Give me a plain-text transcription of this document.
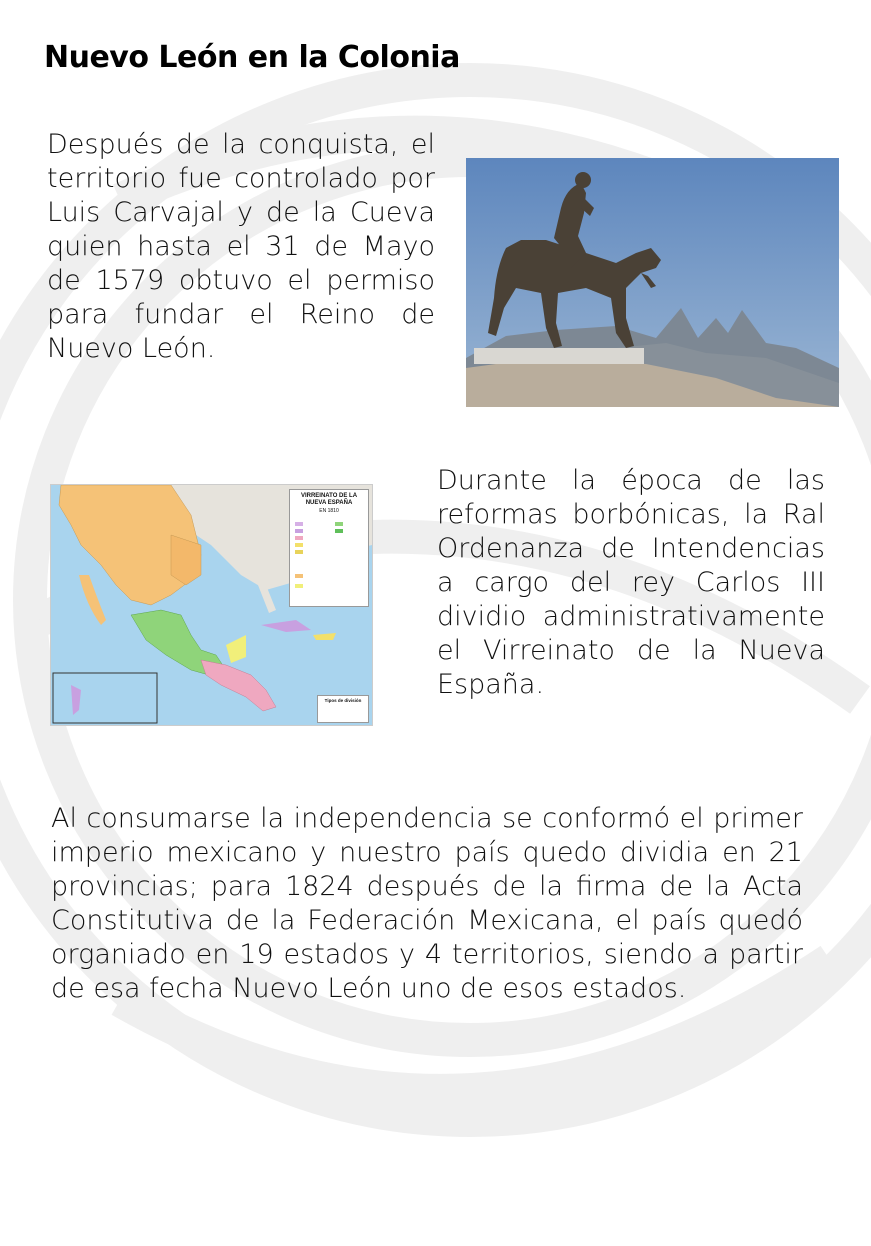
Nuevo León en la Colonia

Después de la conquista, el territorio fue controlado por Luis Carvajal y de la Cueva quien hasta el 31 de Mayo de 1579 obtuvo el permiso para fundar el Reino de Nuevo León.

VIRREINATO DE LA
NUEVA ESPAÑA
EN 1810
Tipos de división

Durante la época de las reformas borbónicas, la Ral Ordenanza de Intendencias a cargo del rey Carlos III dividio administrativamente el Virreinato de la Nueva España.

Al consumarse la independencia se conformó el primer imperio mexicano y nuestro país quedo dividia en 21 provincias; para 1824 después de la firma de la Acta Constitutiva de la Federación Mexicana, el país quedó organiado en 19 estados y 4 territorios, siendo a partir de esa fecha Nuevo León uno de esos estados.
